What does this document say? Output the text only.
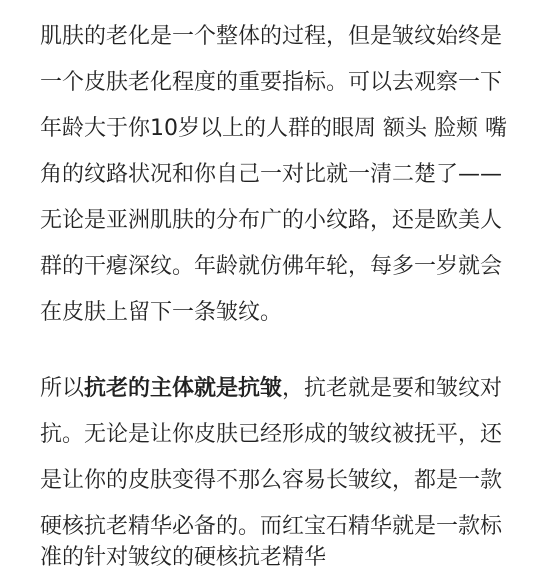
肌肤的老化是一个整体的过程，但是皱纹始终是
一个皮肤老化程度的重要指标。可以去观察一下
年龄大于你10岁以上的人群的眼周 额头 脸颊 嘴
角的纹路状况和你自己一对比就一清二楚了——
无论是亚洲肌肤的分布广的小纹路，还是欧美人
群的干瘪深纹。年龄就仿佛年轮，每多一岁就会
在皮肤上留下一条皱纹。
所以抗老的主体就是抗皱，抗老就是要和皱纹对
抗。无论是让你皮肤已经形成的皱纹被抚平，还
是让你的皮肤变得不那么容易长皱纹，都是一款
硬核抗老精华必备的。而红宝石精华就是一款标
准的针对皱纹的硬核抗老精华
